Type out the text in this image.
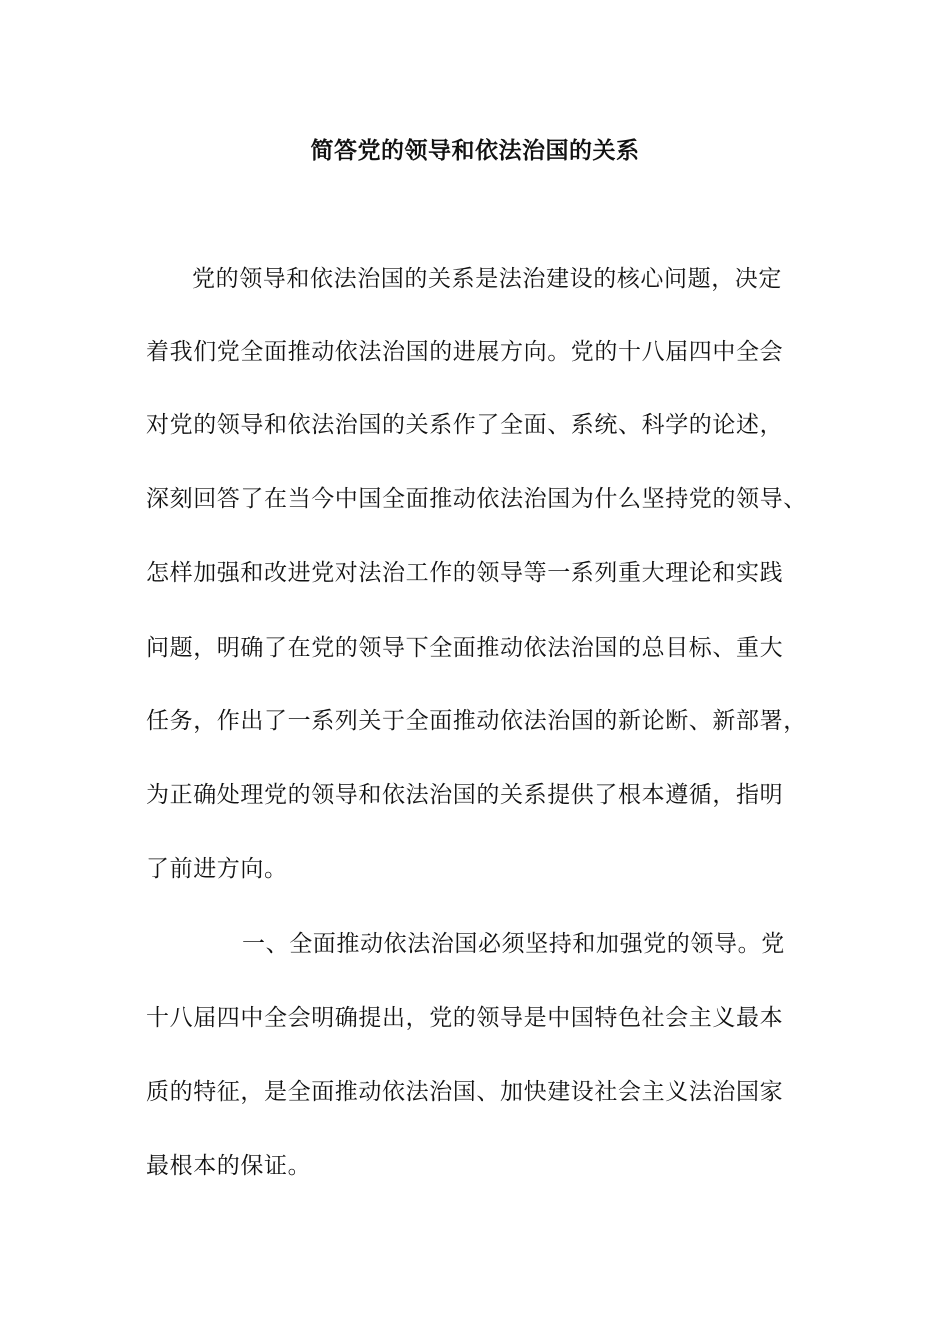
简答党的领导和依法治国的关系

党的领导和依法治国的关系是法治建设的核心问题，决定

着我们党全面推动依法治国的进展方向。党的十八届四中全会

对党的领导和依法治国的关系作了全面、系统、科学的论述，

深刻回答了在当今中国全面推动依法治国为什么坚持党的领导、

怎样加强和改进党对法治工作的领导等一系列重大理论和实践

问题，明确了在党的领导下全面推动依法治国的总目标、重大

任务，作出了一系列关于全面推动依法治国的新论断、新部署，

为正确处理党的领导和依法治国的关系提供了根本遵循，指明

了前进方向。

一、全面推动依法治国必须坚持和加强党的领导。党

十八届四中全会明确提出，党的领导是中国特色社会主义最本

质的特征，是全面推动依法治国、加快建设社会主义法治国家

最根本的保证。
